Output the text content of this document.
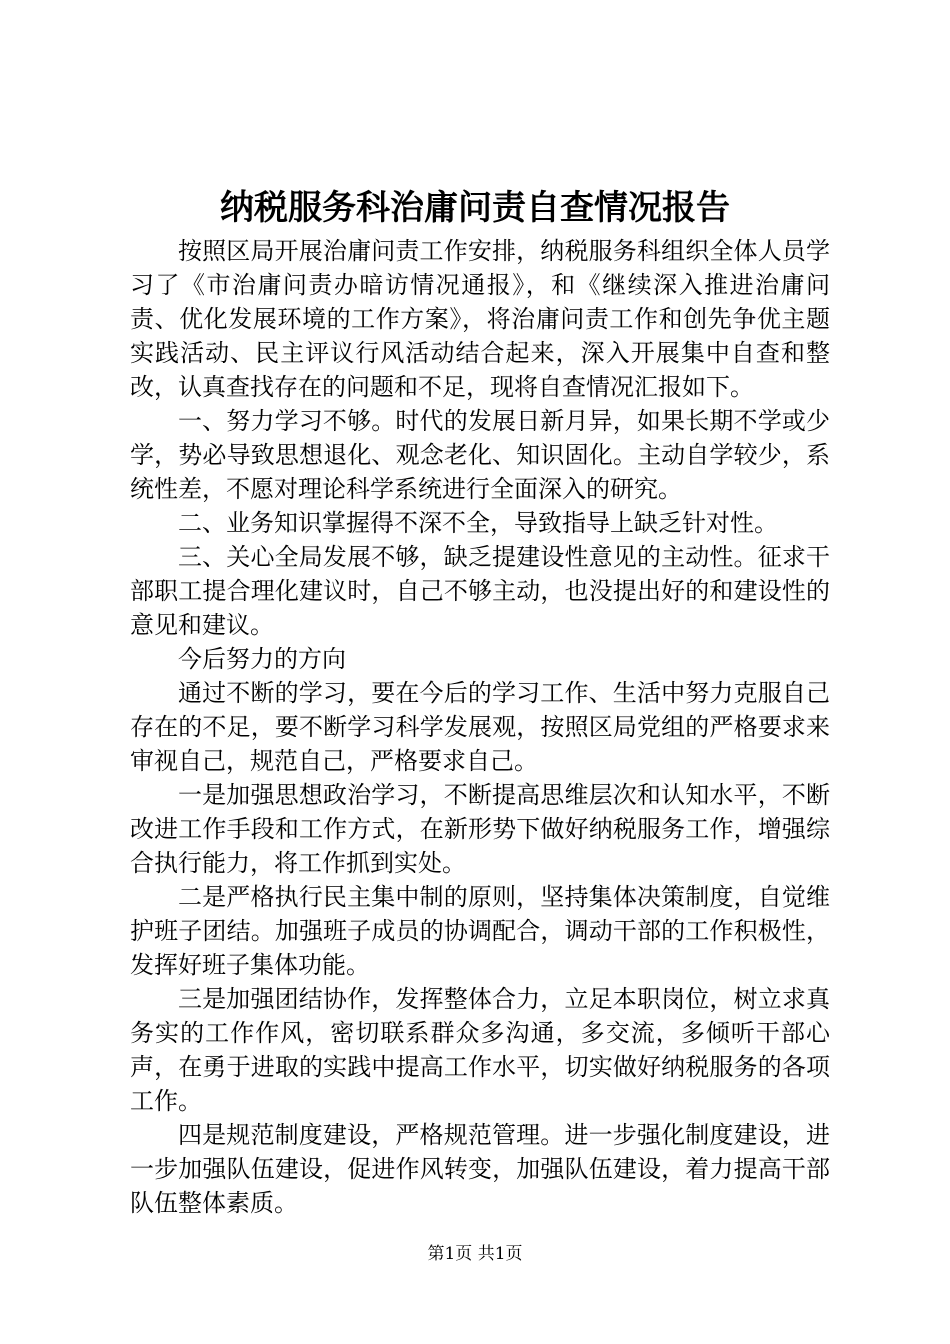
纳税服务科治庸问责自查情况报告

按照区局开展治庸问责工作安排，纳税服务科组织全体人员学习了《市治庸问责办暗访情况通报》，和《继续深入推进治庸问责、优化发展环境的工作方案》，将治庸问责工作和创先争优主题实践活动、民主评议行风活动结合起来，深入开展集中自查和整改，认真查找存在的问题和不足，现将自查情况汇报如下。

一、努力学习不够。时代的发展日新月异，如果长期不学或少学，势必导致思想退化、观念老化、知识固化。主动自学较少，系统性差，不愿对理论科学系统进行全面深入的研究。

二、业务知识掌握得不深不全，导致指导上缺乏针对性。

三、关心全局发展不够，缺乏提建设性意见的主动性。征求干部职工提合理化建议时，自己不够主动，也没提出好的和建设性的意见和建议。

今后努力的方向

通过不断的学习，要在今后的学习工作、生活中努力克服自己存在的不足，要不断学习科学发展观，按照区局党组的严格要求来审视自己，规范自己，严格要求自己。

一是加强思想政治学习，不断提高思维层次和认知水平，不断改进工作手段和工作方式，在新形势下做好纳税服务工作，增强综合执行能力，将工作抓到实处。

二是严格执行民主集中制的原则，坚持集体决策制度，自觉维护班子团结。加强班子成员的协调配合，调动干部的工作积极性，发挥好班子集体功能。

三是加强团结协作，发挥整体合力，立足本职岗位，树立求真务实的工作作风，密切联系群众多沟通，多交流，多倾听干部心声，在勇于进取的实践中提高工作水平，切实做好纳税服务的各项工作。

四是规范制度建设，严格规范管理。进一步强化制度建设，进一步加强队伍建设，促进作风转变，加强队伍建设，着力提高干部队伍整体素质。

第1页 共1页
